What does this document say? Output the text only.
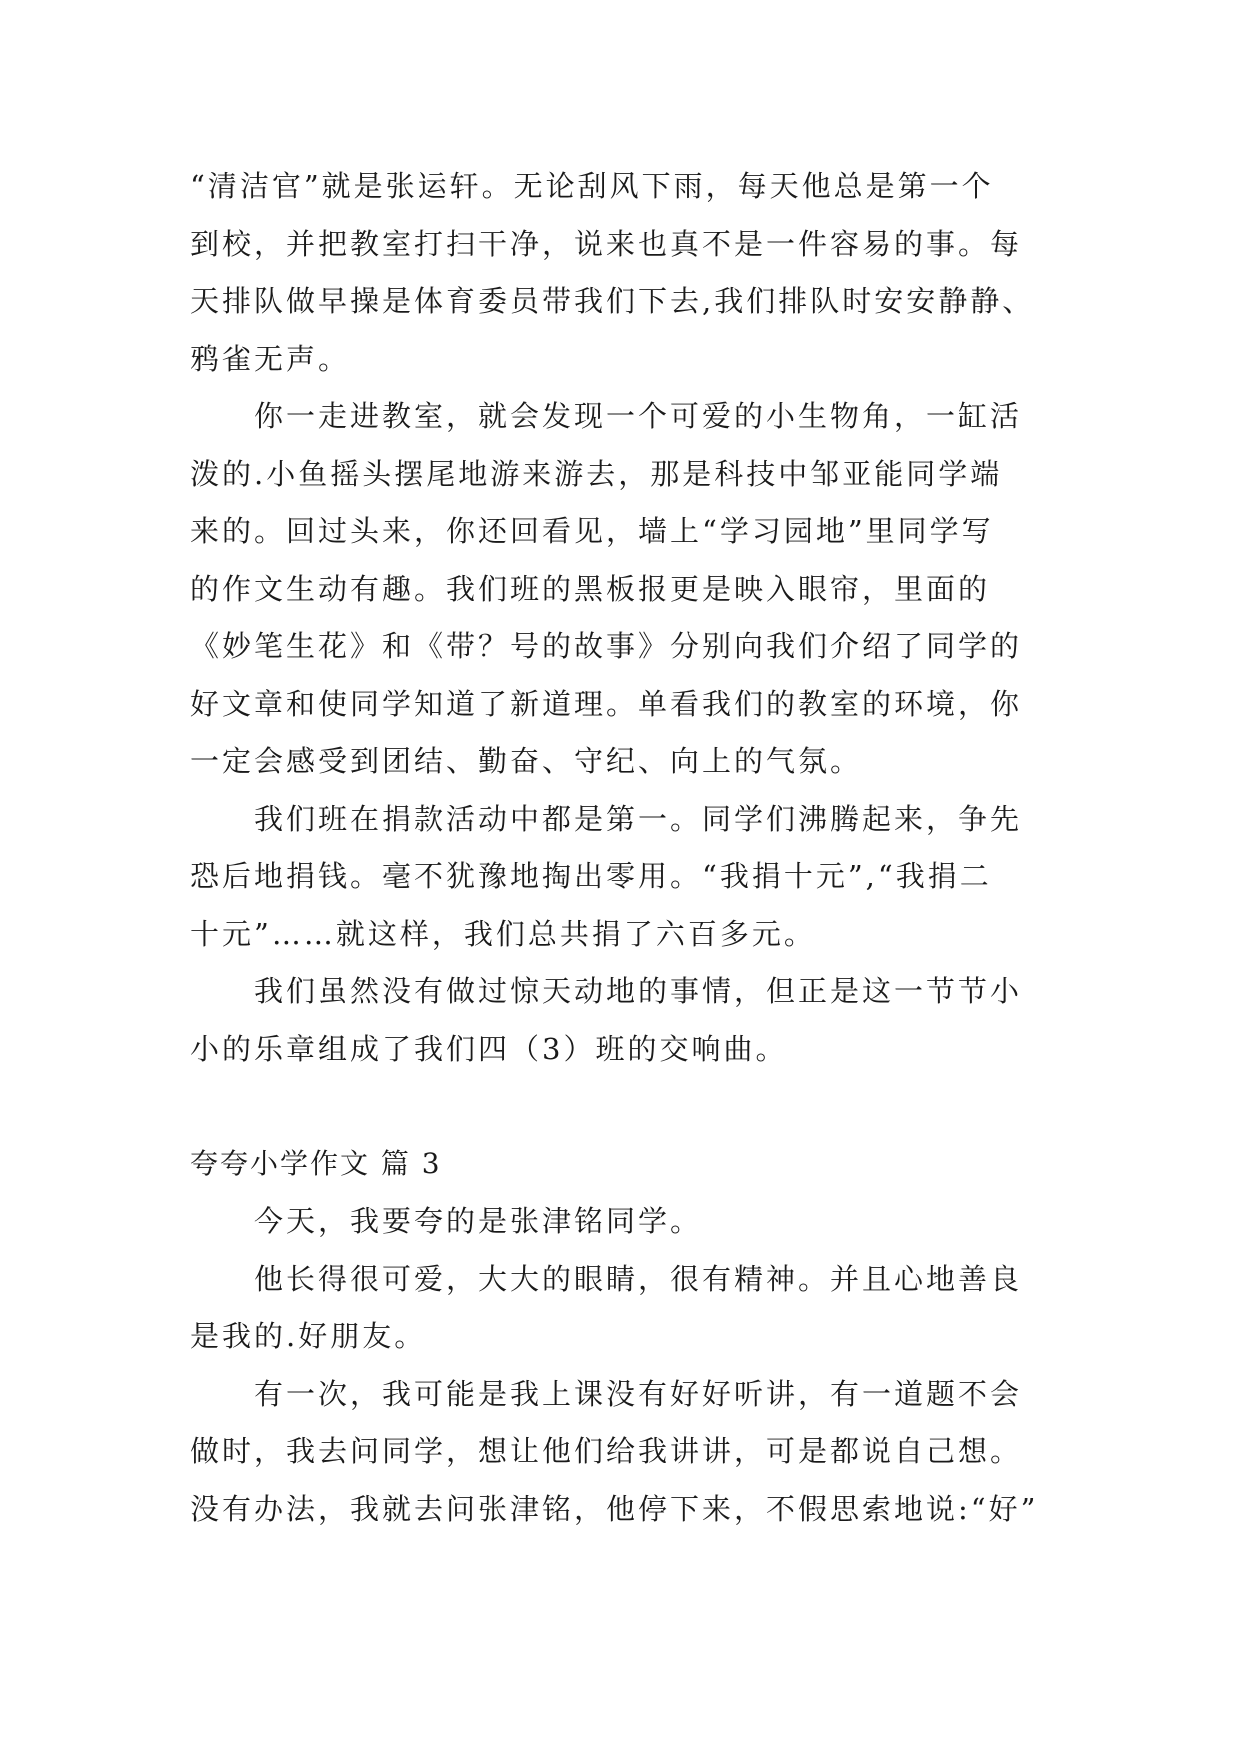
“清洁官”就是张运轩。无论刮风下雨，每天他总是第一个
到校，并把教室打扫干净，说来也真不是一件容易的事。每
天排队做早操是体育委员带我们下去,我们排队时安安静静、
鸦雀无声。
你一走进教室，就会发现一个可爱的小生物角，一缸活
泼的.小鱼摇头摆尾地游来游去，那是科技中邹亚能同学端
来的。回过头来，你还回看见，墙上“学习园地”里同学写
的作文生动有趣。我们班的黑板报更是映入眼帘，里面的
《妙笔生花》和《带？号的故事》分别向我们介绍了同学的
好文章和使同学知道了新道理。单看我们的教室的环境，你
一定会感受到团结、勤奋、守纪、向上的气氛。
我们班在捐款活动中都是第一。同学们沸腾起来，争先
恐后地捐钱。毫不犹豫地掏出零用。“我捐十元”,“我捐二
十元”……就这样，我们总共捐了六百多元。
我们虽然没有做过惊天动地的事情，但正是这一节节小
小的乐章组成了我们四（3）班的交响曲。
夸夸小学作文 篇 3
今天，我要夸的是张津铭同学。
他长得很可爱，大大的眼睛，很有精神。并且心地善良
是我的.好朋友。
有一次，我可能是我上课没有好好听讲，有一道题不会
做时，我去问同学，想让他们给我讲讲，可是都说自己想。
没有办法，我就去问张津铭，他停下来，不假思索地说:“好”
